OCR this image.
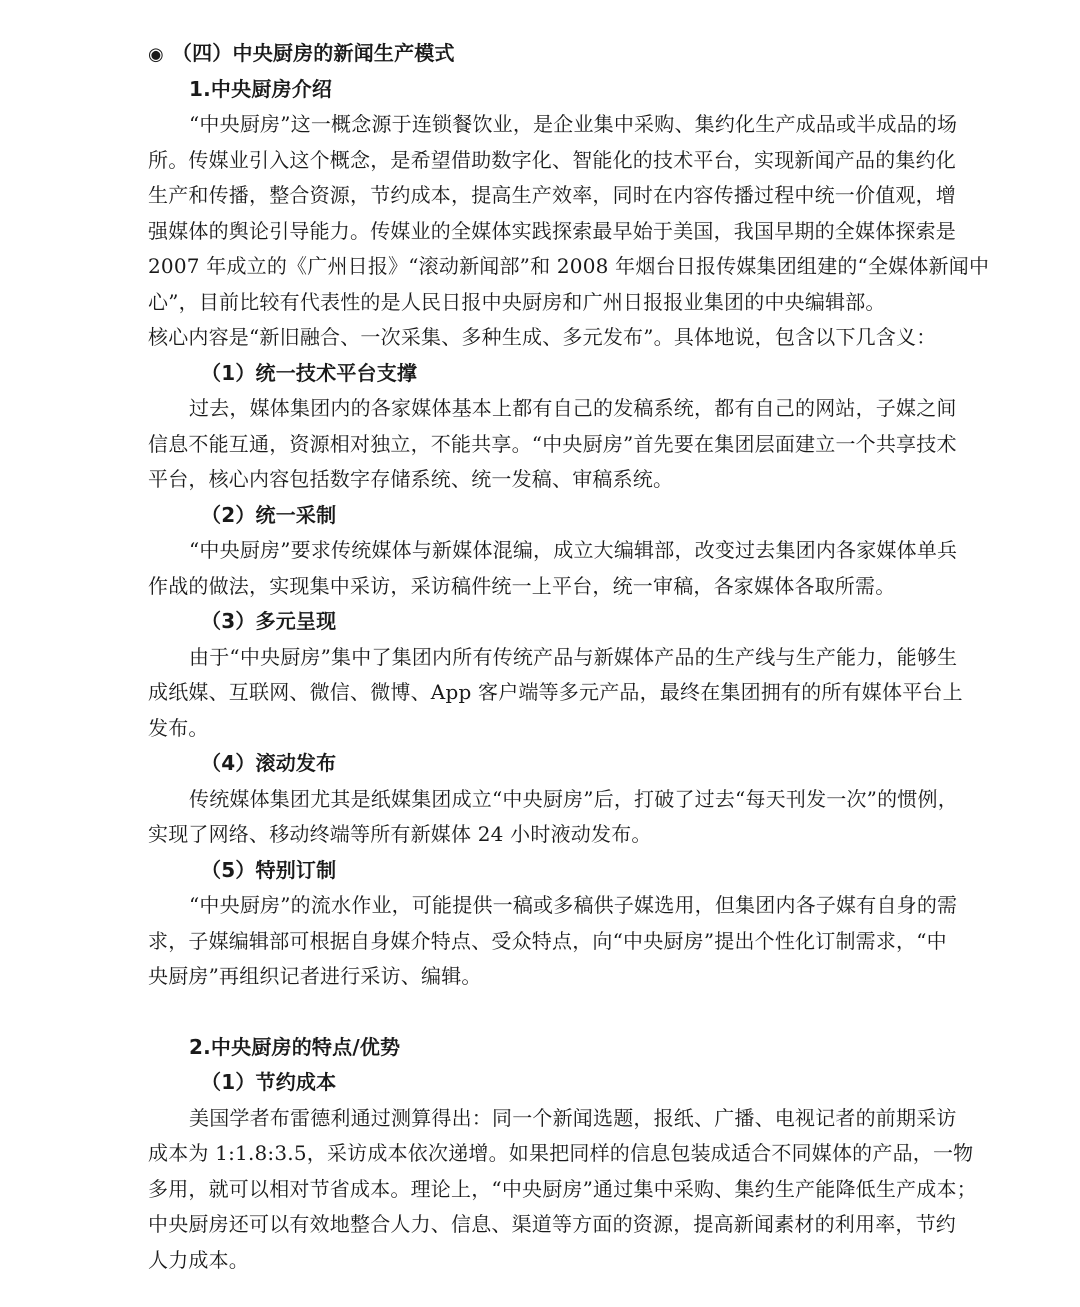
◉ （四）中央厨房的新闻生产模式
1.中央厨房介绍
“中央厨房”这一概念源于连锁餐饮业，是企业集中采购、集约化生产成品或半成品的场
所。传媒业引入这个概念，是希望借助数字化、智能化的技术平台，实现新闻产品的集约化
生产和传播，整合资源，节约成本，提高生产效率，同时在内容传播过程中统一价值观，增
强媒体的舆论引导能力。传媒业的全媒体实践探索最早始于美国，我国早期的全媒体探索是
2007 年成立的《广州日报》“滚动新闻部”和 2008 年烟台日报传媒集团组建的“全媒体新闻中
心”，目前比较有代表性的是人民日报中央厨房和广州日报报业集团的中央编辑部。
核心内容是“新旧融合、一次采集、多种生成、多元发布”。具体地说，包含以下几含义：
（1）统一技术平台支撑
过去，媒体集团内的各家媒体基本上都有自己的发稿系统，都有自己的网站，子媒之间
信息不能互通，资源相对独立，不能共享。“中央厨房”首先要在集团层面建立一个共享技术
平台，核心内容包括数字存储系统、统一发稿、审稿系统。
（2）统一采制
“中央厨房”要求传统媒体与新媒体混编，成立大编辑部，改变过去集团内各家媒体单兵
作战的做法，实现集中采访，采访稿件统一上平台，统一审稿，各家媒体各取所需。
（3）多元呈现
由于“中央厨房”集中了集团内所有传统产品与新媒体产品的生产线与生产能力，能够生
成纸媒、互联网、微信、微博、App 客户端等多元产品，最终在集团拥有的所有媒体平台上
发布。
（4）滚动发布
传统媒体集团尤其是纸媒集团成立“中央厨房”后，打破了过去“每天刊发一次”的惯例，
实现了网络、移动终端等所有新媒体 24 小时液动发布。
（5）特别订制
“中央厨房”的流水作业，可能提供一稿或多稿供子媒选用，但集团内各子媒有自身的需
求，子媒编辑部可根据自身媒介特点、受众特点，向“中央厨房”提出个性化订制需求，“中
央厨房”再组织记者进行采访、编辑。
2.中央厨房的特点/优势
（1）节约成本
美国学者布雷德利通过测算得出：同一个新闻选题，报纸、广播、电视记者的前期采访
成本为 1:1.8:3.5，采访成本依次递增。如果把同样的信息包装成适合不同媒体的产品，一物
多用，就可以相对节省成本。理论上，“中央厨房”通过集中采购、集约生产能降低生产成本；
中央厨房还可以有效地整合人力、信息、渠道等方面的资源，提高新闻素材的利用率，节约
人力成本。
